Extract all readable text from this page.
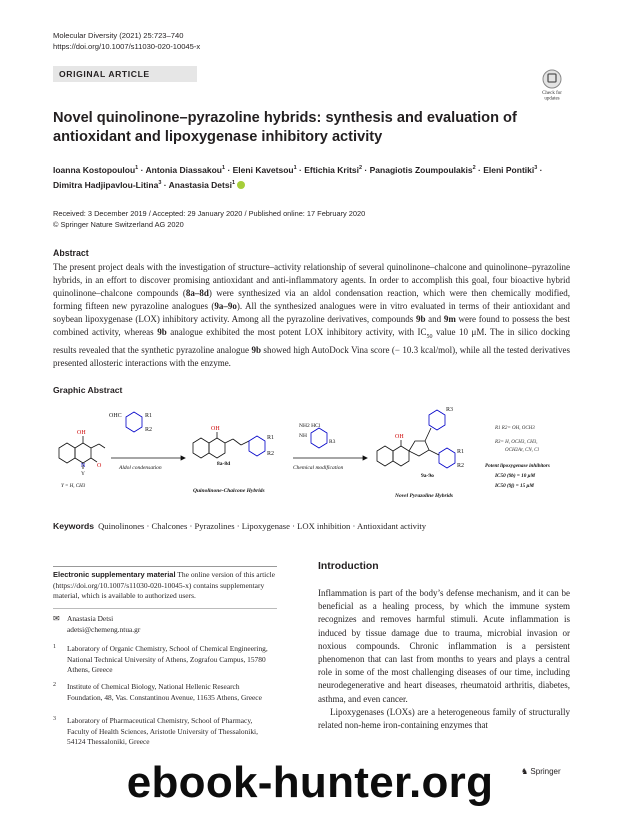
Molecular Diversity (2021) 25:723–740
https://doi.org/10.1007/s11030-020-10045-x
ORIGINAL ARTICLE
Check for
updates
Novel quinolinone–pyrazoline hybrids: synthesis and evaluation of antioxidant and lipoxygenase inhibitory activity
Ioanna Kostopoulou$^1$ · Antonia Diassakou$^1$ · Eleni Kavetsou$^1$ · Eftichia Kritsi$^2$ · Panagiotis Zoumpoulakis$^2$ · Eleni Pontiki$^3$ · Dimitra Hadjipavlou-Litina$^3$ · Anastasia Detsi$^1$
Received: 3 December 2019 / Accepted: 29 January 2020 / Published online: 17 February 2020
© Springer Nature Switzerland AG 2020
Abstract
The present project deals with the investigation of structure–activity relationship of several quinolinone–chalcone and quinolinone–pyrazoline hybrids, in an effort to discover promising antioxidant and anti-inflammatory agents. In order to accomplish this goal, four bioactive hybrid quinolinone–chalcone compounds (8a–8d) were synthesized via an aldol condensation reaction, which were then chemically modified, forming fifteen new pyrazoline analogues (9a–9o). All the synthesized analogues were in vitro evaluated in terms of their antioxidant and soybean lipoxygenase (LOX) inhibitory activity. Among all the pyrazoline derivatives, compounds 9b and 9m were found to possess the best combined activity, whereas 9b analogue exhibited the most potent LOX inhibitory activity, with $IC_{50}$ value 10 μM. The in silico docking results revealed that the synthetic pyrazoline analogue 9b showed high AutoDock Vina score (− 10.3 kcal/mol), while all the tested derivatives presented allosteric interactions with the enzyme.
Graphic Abstract
OH
O
N
Y
Y = H, CH3
OHC	R1
R2
Aldol condensation
OH
R1
R2
8a-8d
Quinolinone-Chalcone Hybrids
NH2 HCl
NH
R3
Chemical modification
OH
R3
R1
R2
9a-9o
Novel Pyrazoline Hybrids
R1 R2= OH, OCH3
R3= H, OCH3, CH3,
OCH2Ar, CN, Cl
Potent lipoxygenase inhibitors
IC50 (9b) = 10 μM
IC50 (9j) = 15 μM
Keywords Quinolinones · Chalcones · Pyrazolines · Lipoxygenase · LOX inhibition · Antioxidant activity
Electronic supplementary material The online version of this article (https://doi.org/10.1007/s11030-020-10045-x) contains supplementary material, which is available to authorized users.
✉ Anastasia Detsi
adetsi@chemeng.ntua.gr
1	Laboratory of Organic Chemistry, School of Chemical Engineering, National Technical University of Athens, Zografou Campus, 15780 Athens, Greece
2	Institute of Chemical Biology, National Hellenic Research Foundation, 48, Vas. Constantinou Avenue, 11635 Athens, Greece
3	Laboratory of Pharmaceutical Chemistry, School of Pharmacy, Faculty of Health Sciences, Aristotle University of Thessaloniki, 54124 Thessaloniki, Greece
Introduction

Inflammation is part of the body’s defense mechanism, and it can be beneficial as a healing process, by which the immune system recognizes and removes harmful stimuli. Acute inflammation is induced by tissue damage due to trauma, microbial invasion or noxious compounds. Chronic inflammation is a persistent phenomenon that can last from months to years and plays a central role in some of the most challenging diseases of our time, including neurodegenerative and heart diseases, rheumatoid arthritis, diabetes, asthma, and even cancer.

Lipoxygenases (LOXs) are a heterogeneous family of structurally related non-heme iron-containing enzymes that

♞ Springer
ebook-hunter.org
